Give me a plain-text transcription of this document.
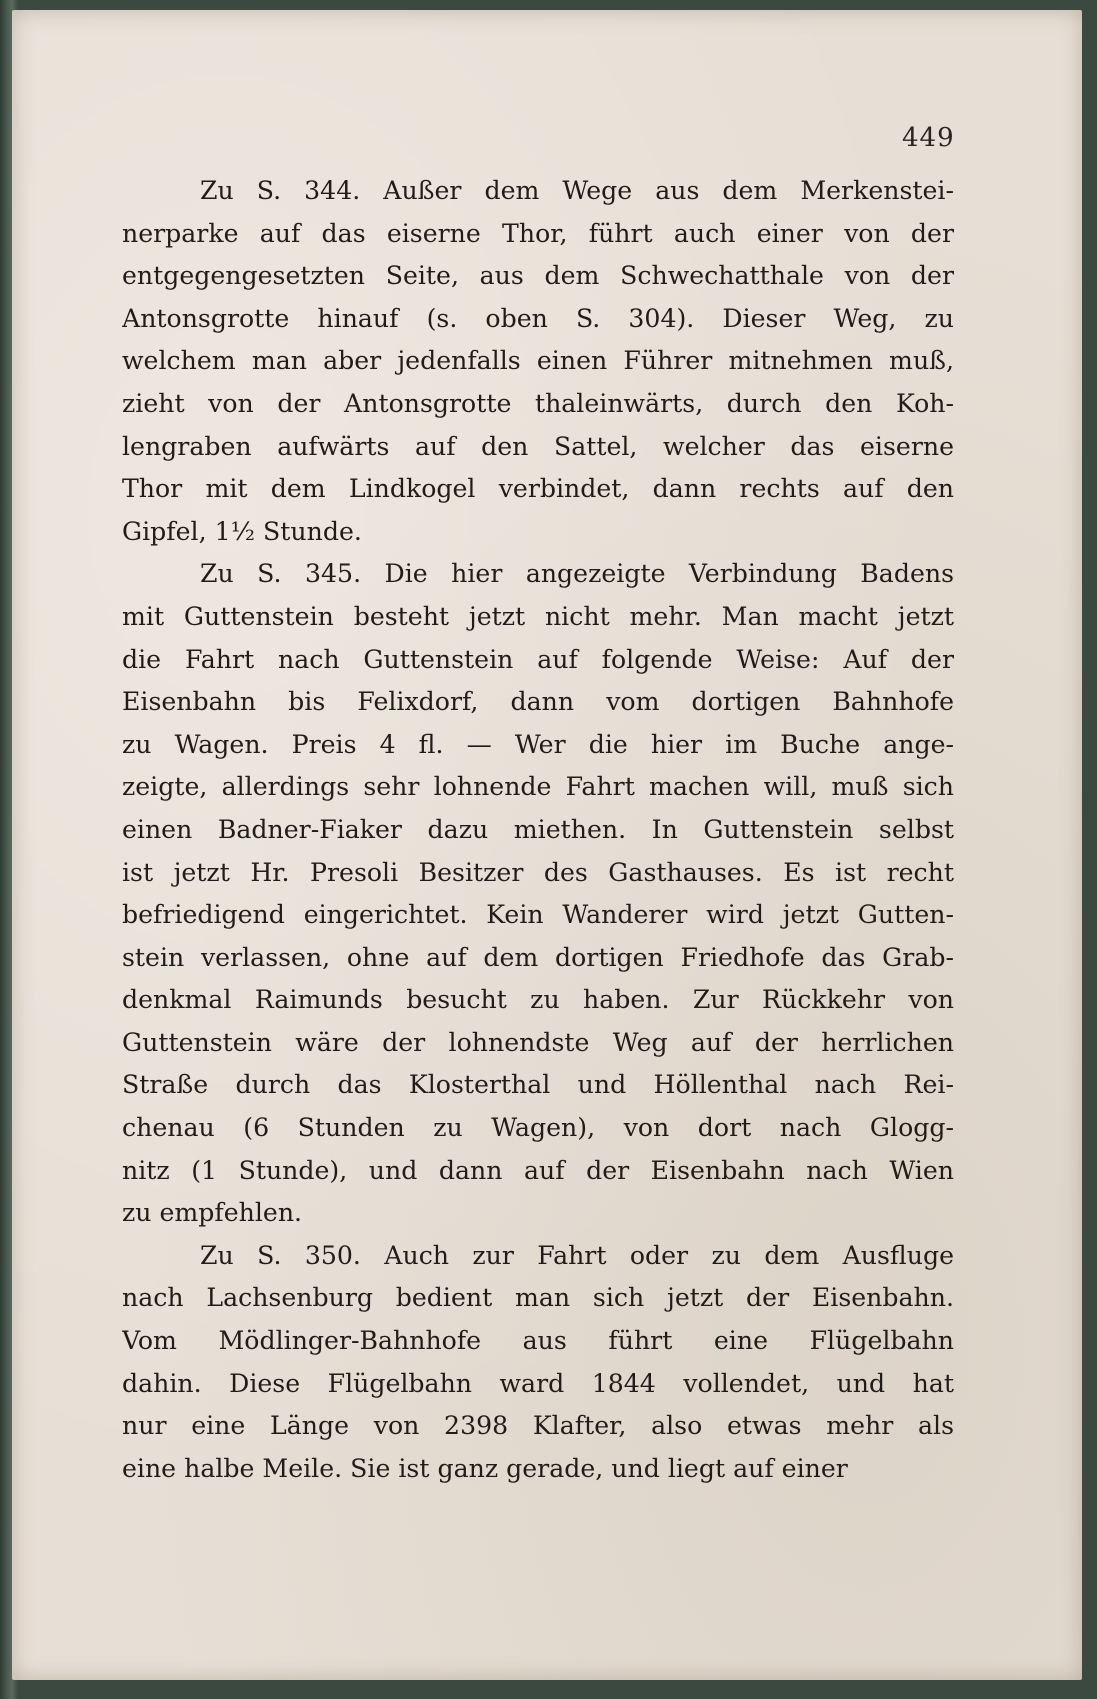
449
Zu S. 344. Außer dem Wege aus dem Merkenstei-
nerparke auf das eiserne Thor, führt auch einer von der
entgegengesetzten Seite, aus dem Schwechatthale von der
Antonsgrotte hinauf (s. oben S. 304). Dieser Weg, zu
welchem man aber jedenfalls einen Führer mitnehmen muß,
zieht von der Antonsgrotte thaleinwärts, durch den Koh-
lengraben aufwärts auf den Sattel, welcher das eiserne
Thor mit dem Lindkogel verbindet, dann rechts auf den
Gipfel, 1½ Stunde.
Zu S. 345. Die hier angezeigte Verbindung Badens
mit Guttenstein besteht jetzt nicht mehr. Man macht jetzt
die Fahrt nach Guttenstein auf folgende Weise: Auf der
Eisenbahn bis Felixdorf, dann vom dortigen Bahnhofe
zu Wagen. Preis 4 fl. — Wer die hier im Buche ange-
zeigte, allerdings sehr lohnende Fahrt machen will, muß sich
einen Badner-Fiaker dazu miethen. In Guttenstein selbst
ist jetzt Hr. Presoli Besitzer des Gasthauses. Es ist recht
befriedigend eingerichtet. Kein Wanderer wird jetzt Gutten-
stein verlassen, ohne auf dem dortigen Friedhofe das Grab-
denkmal Raimunds besucht zu haben. Zur Rückkehr von
Guttenstein wäre der lohnendste Weg auf der herrlichen
Straße durch das Klosterthal und Höllenthal nach Rei-
chenau (6 Stunden zu Wagen), von dort nach Glogg-
nitz (1 Stunde), und dann auf der Eisenbahn nach Wien
zu empfehlen.
Zu S. 350. Auch zur Fahrt oder zu dem Ausfluge
nach Lachsenburg bedient man sich jetzt der Eisenbahn.
Vom Mödlinger-Bahnhofe aus führt eine Flügelbahn
dahin. Diese Flügelbahn ward 1844 vollendet, und hat
nur eine Länge von 2398 Klafter, also etwas mehr als
eine halbe Meile. Sie ist ganz gerade, und liegt auf einer
